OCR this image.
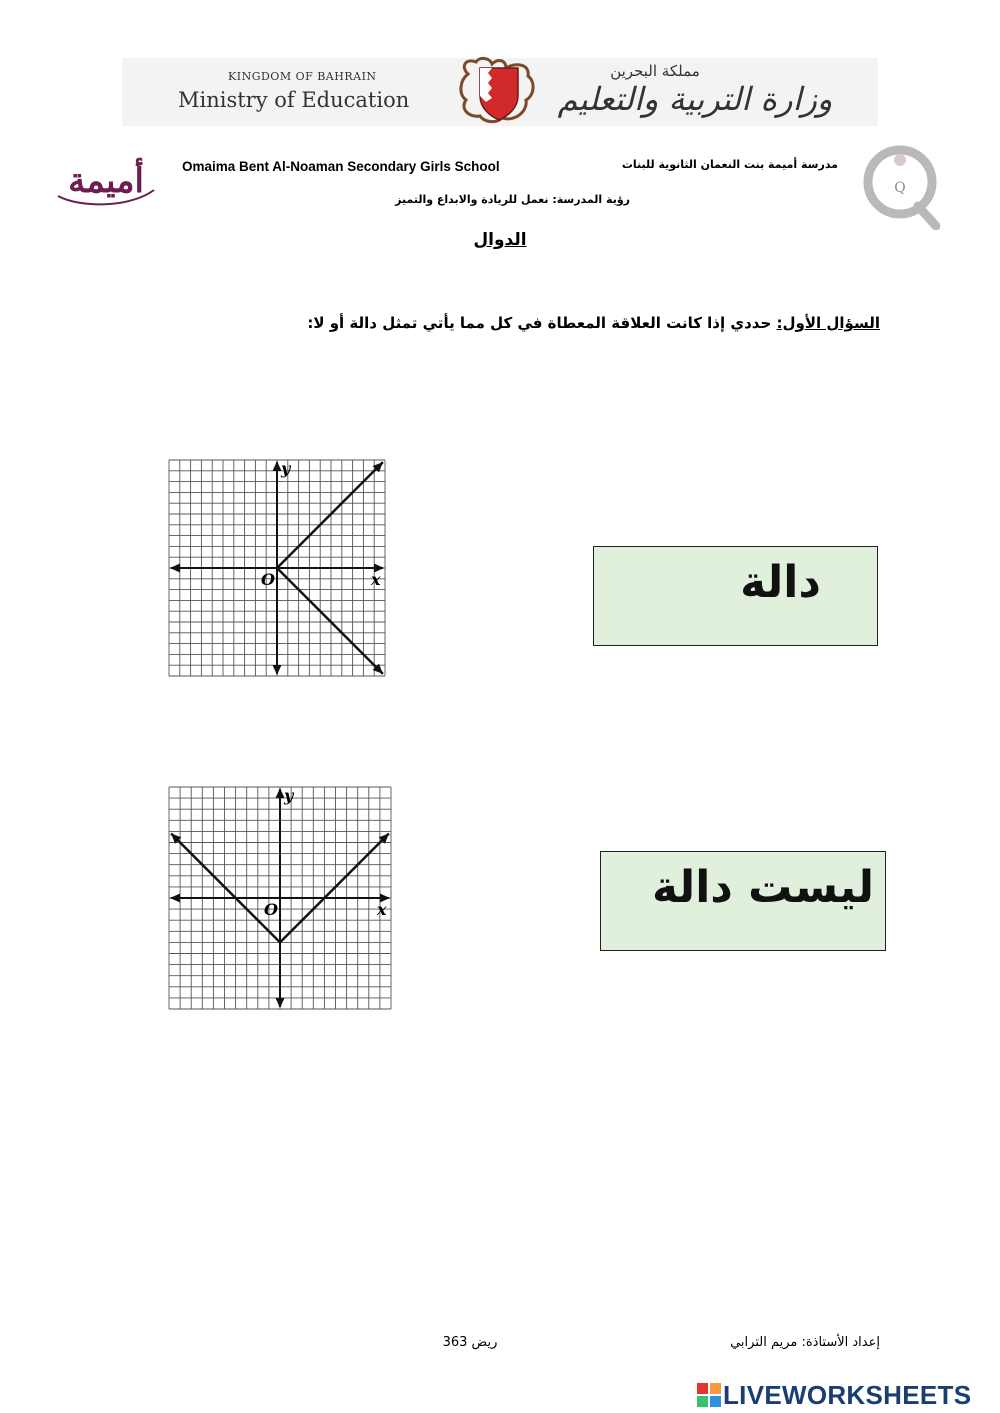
KINGDOM OF BAHRAIN
Ministry of Education
مملكة البحرين
وزارة التربية والتعليم
أميمة	Q
Omaima Bent Al-Noaman Secondary Girls School	مدرسة أميمة بنت النعمان الثانوية للبنات
رؤية المدرسة: نعمل للريادة والابداع والتميز
الدوال
السؤال الأول: حددي إذا كانت العلاقة المعطاة في كل مما يأتي تمثل دالة أو لا:
y
x
O	دالة
y
x
O	ليست دالة
ريض 363	إعداد الأستاذة: مريم الترابي
LIVEWORKSHEETS
